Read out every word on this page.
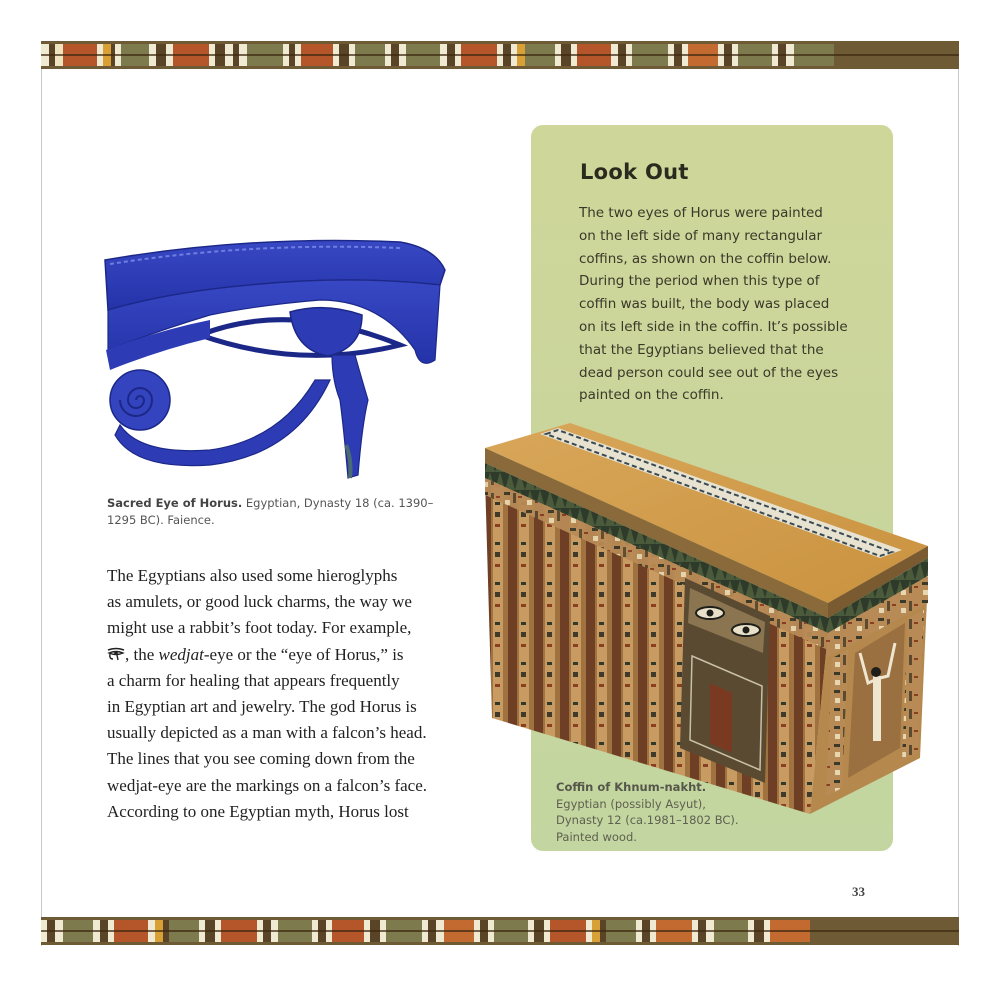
Sacred Eye of Horus. Egyptian, Dynasty 18 (ca. 1390–
1295 BC). Faience.
The Egyptians also used some hieroglyphs
as amulets, or good luck charms, the way we
might use a rabbit’s foot today. For example,
, the wedjat-eye or the “eye of Horus,” is
a charm for healing that appears frequently
in Egyptian art and jewelry. The god Horus is
usually depicted as a man with a falcon’s head.
The lines that you see coming down from the
wedjat-eye are the markings on a falcon’s face.
According to one Egyptian myth, Horus lost
Look Out
The two eyes of Horus were painted
on the left side of many rectangular
coffins, as shown on the coffin below.
During the period when this type of
coffin was built, the body was placed
on its left side in the coffin. It’s possible
that the Egyptians believed that the
dead person could see out of the eyes
painted on the coffin.
Coffin of Khnum-nakht.
Egyptian (possibly Asyut),
Dynasty 12 (ca.1981–1802 BC).
Painted wood.
33
